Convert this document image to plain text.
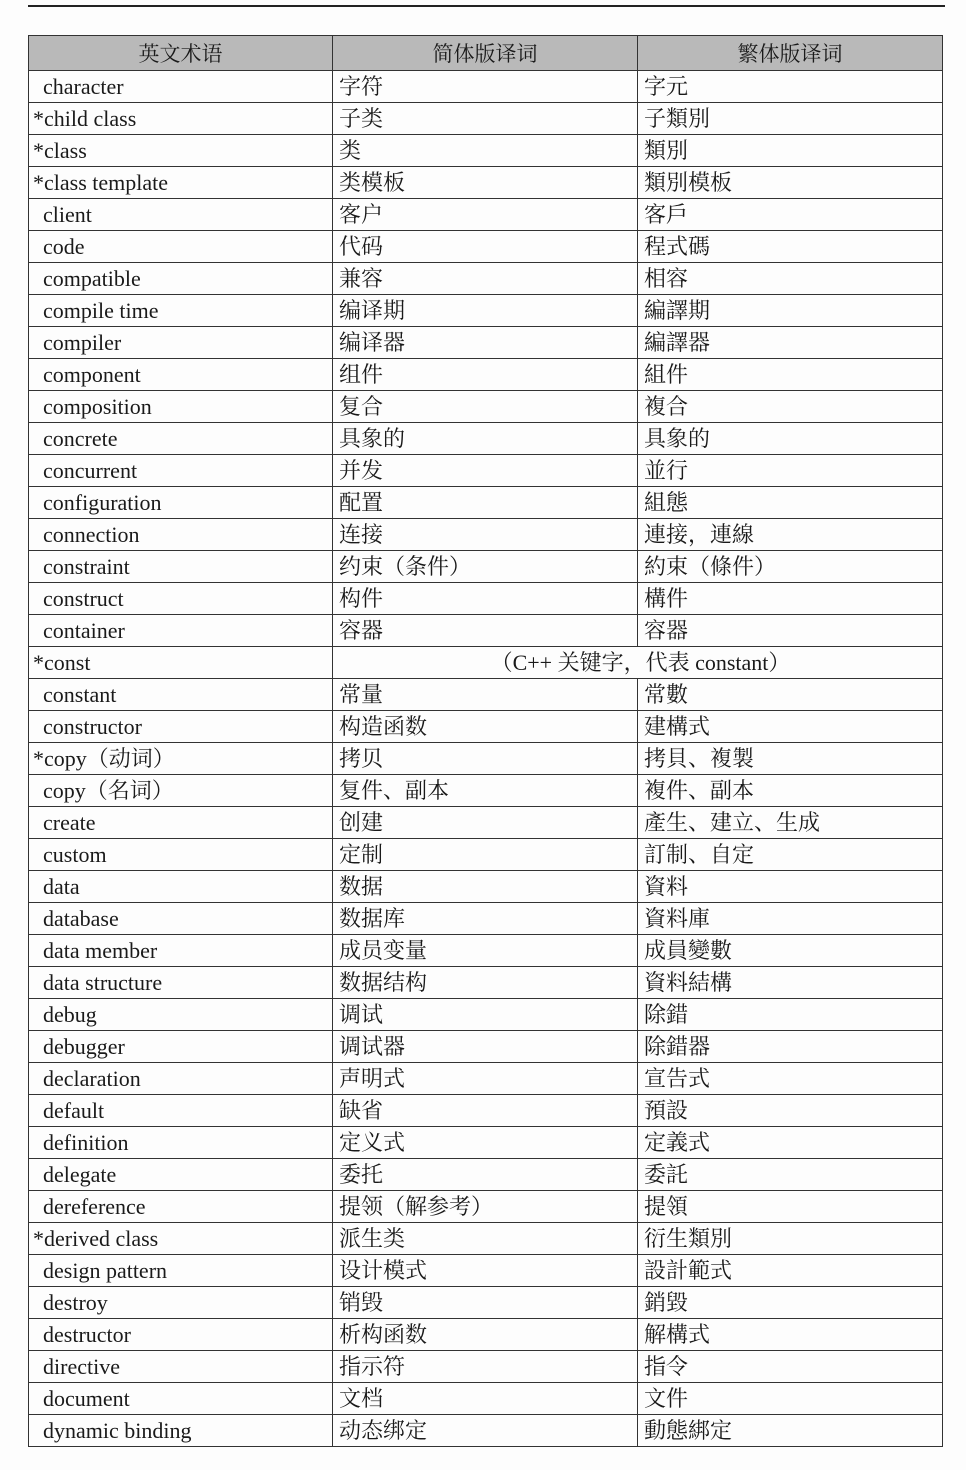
英文术语	简体版译词	繁体版译词
character	字符	字元
*child class	子类	子類別
*class	类	類別
*class template	类模板	類別模板
client	客户	客戶
code	代码	程式碼
compatible	兼容	相容
compile time	编译期	編譯期
compiler	编译器	編譯器
component	组件	組件
composition	复合	複合
concrete	具象的	具象的
concurrent	并发	並行
configuration	配置	組態
connection	连接	連接，連線
constraint	约束（条件）	約束（條件）
construct	构件	構件
container	容器	容器
*const	（C++ 关键字，代表 constant）	
constant	常量	常數
constructor	构造函数	建構式
*copy（动词）	拷贝	拷貝、複製
copy（名词）	复件、副本	複件、副本
create	创建	產生、建立、生成
custom	定制	訂制、自定
data	数据	資料
database	数据库	資料庫
data member	成员变量	成員變數
data structure	数据结构	資料結構
debug	调试	除錯
debugger	调试器	除錯器
declaration	声明式	宣告式
default	缺省	預設
definition	定义式	定義式
delegate	委托	委託
dereference	提领（解参考）	提領
*derived class	派生类	衍生類別
design pattern	设计模式	設計範式
destroy	销毁	銷毀
destructor	析构函数	解構式
directive	指示符	指令
document	文档	文件
dynamic binding	动态绑定	動態綁定
